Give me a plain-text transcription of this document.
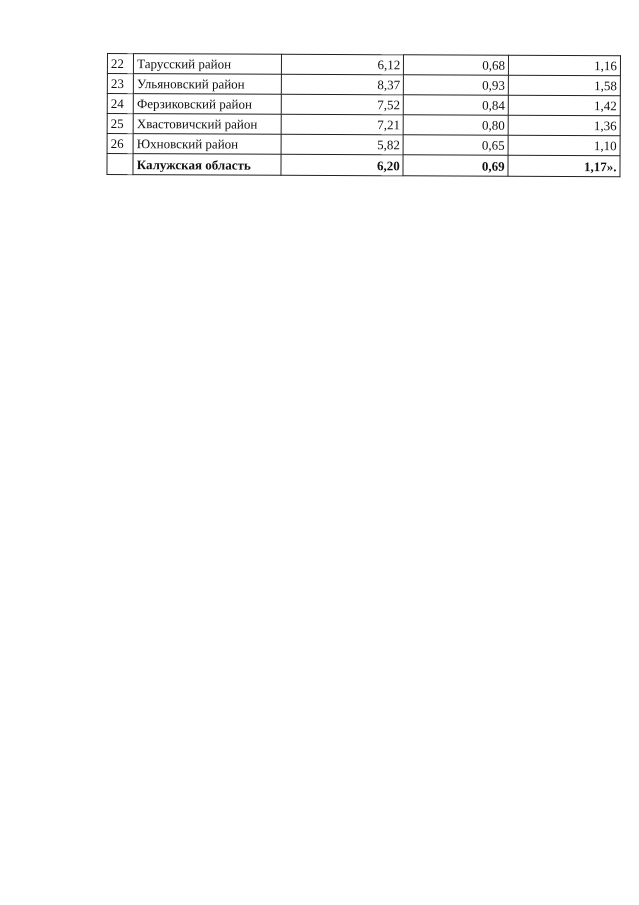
22	Тарусский район	6,12	0,68	1,16
23	Ульяновский район	8,37	0,93	1,58
24	Ферзиковский район	7,52	0,84	1,42
25	Хвастовичский район	7,21	0,80	1,36
26	Юхновский район	5,82	0,65	1,10
	Калужская область	6,20	0,69	1,17».
